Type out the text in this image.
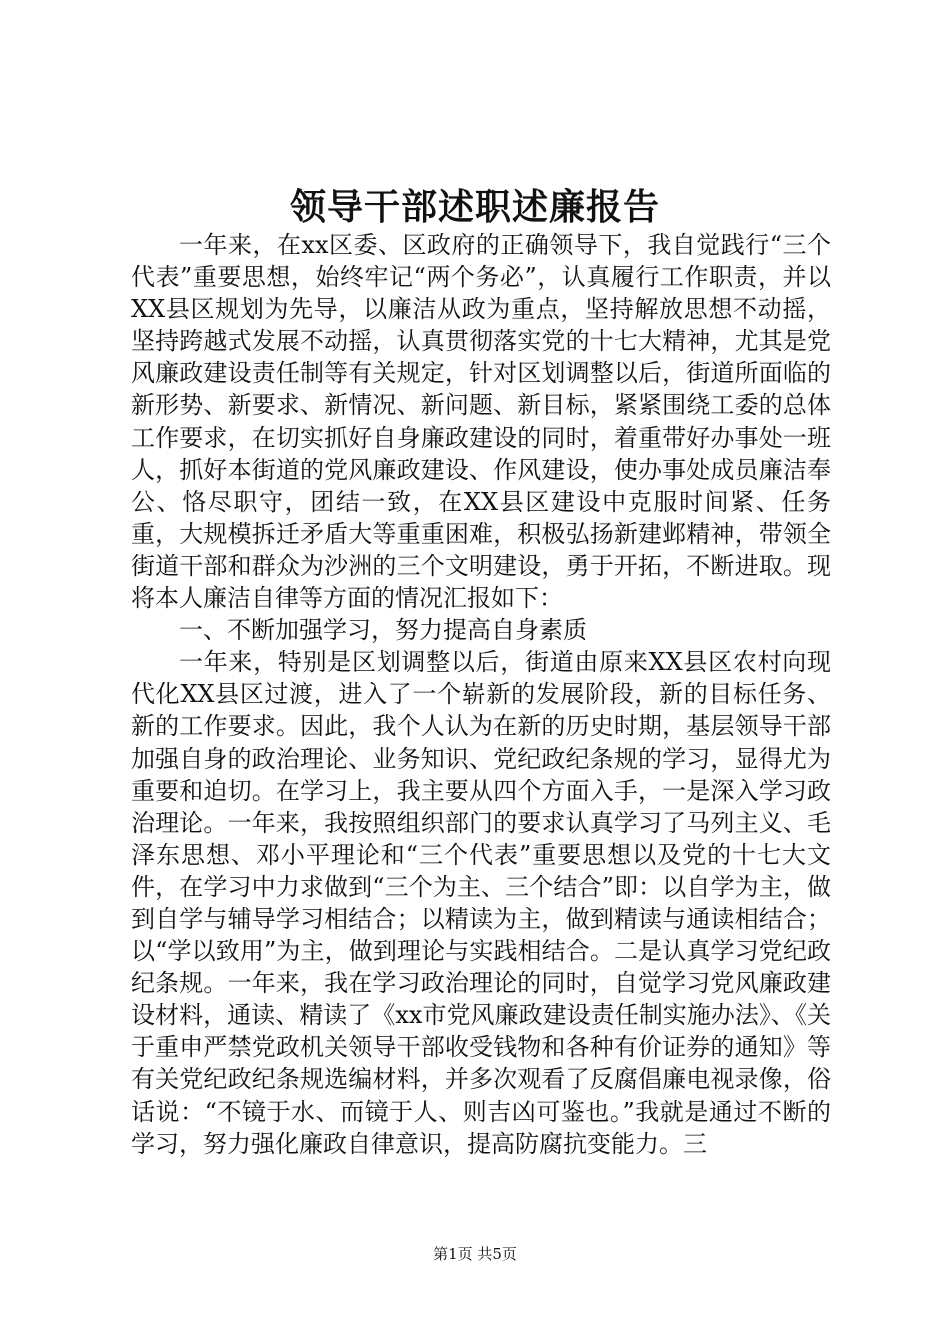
领导干部述职述廉报告

一年来，在xx区委、区政府的正确领导下，我自觉践行“三个代表”重要思想，始终牢记“两个务必”，认真履行工作职责，并以XX县区规划为先导，以廉洁从政为重点，坚持解放思想不动摇，坚持跨越式发展不动摇，认真贯彻落实党的十七大精神，尤其是党风廉政建设责任制等有关规定，针对区划调整以后，街道所面临的新形势、新要求、新情况、新问题、新目标，紧紧围绕工委的总体工作要求，在切实抓好自身廉政建设的同时，着重带好办事处一班人，抓好本街道的党风廉政建设、作风建设，使办事处成员廉洁奉公、恪尽职守，团结一致，在XX县区建设中克服时间紧、任务重，大规模拆迁矛盾大等重重困难，积极弘扬新建邺精神，带领全街道干部和群众为沙洲的三个文明建设，勇于开拓，不断进取。现将本人廉洁自律等方面的情况汇报如下：

一、不断加强学习，努力提高自身素质

一年来，特别是区划调整以后，街道由原来XX县区农村向现代化XX县区过渡，进入了一个崭新的发展阶段，新的目标任务、新的工作要求。因此，我个人认为在新的历史时期，基层领导干部加强自身的政治理论、业务知识、党纪政纪条规的学习，显得尤为重要和迫切。在学习上，我主要从四个方面入手，一是深入学习政治理论。一年来，我按照组织部门的要求认真学习了马列主义、毛泽东思想、邓小平理论和“三个代表”重要思想以及党的十七大文件，在学习中力求做到“三个为主、三个结合”即：以自学为主，做到自学与辅导学习相结合；以精读为主，做到精读与通读相结合；以“学以致用”为主，做到理论与实践相结合。二是认真学习党纪政纪条规。一年来，我在学习政治理论的同时，自觉学习党风廉政建设材料，通读、精读了《xx市党风廉政建设责任制实施办法》、《关于重申严禁党政机关领导干部收受钱物和各种有价证券的通知》等有关党纪政纪条规选编材料，并多次观看了反腐倡廉电视录像，俗话说：“不镜于水、而镜于人、则吉凶可鉴也。”我就是通过不断的学习，努力强化廉政自律意识，提高防腐抗变能力。三

第1页 共5页
